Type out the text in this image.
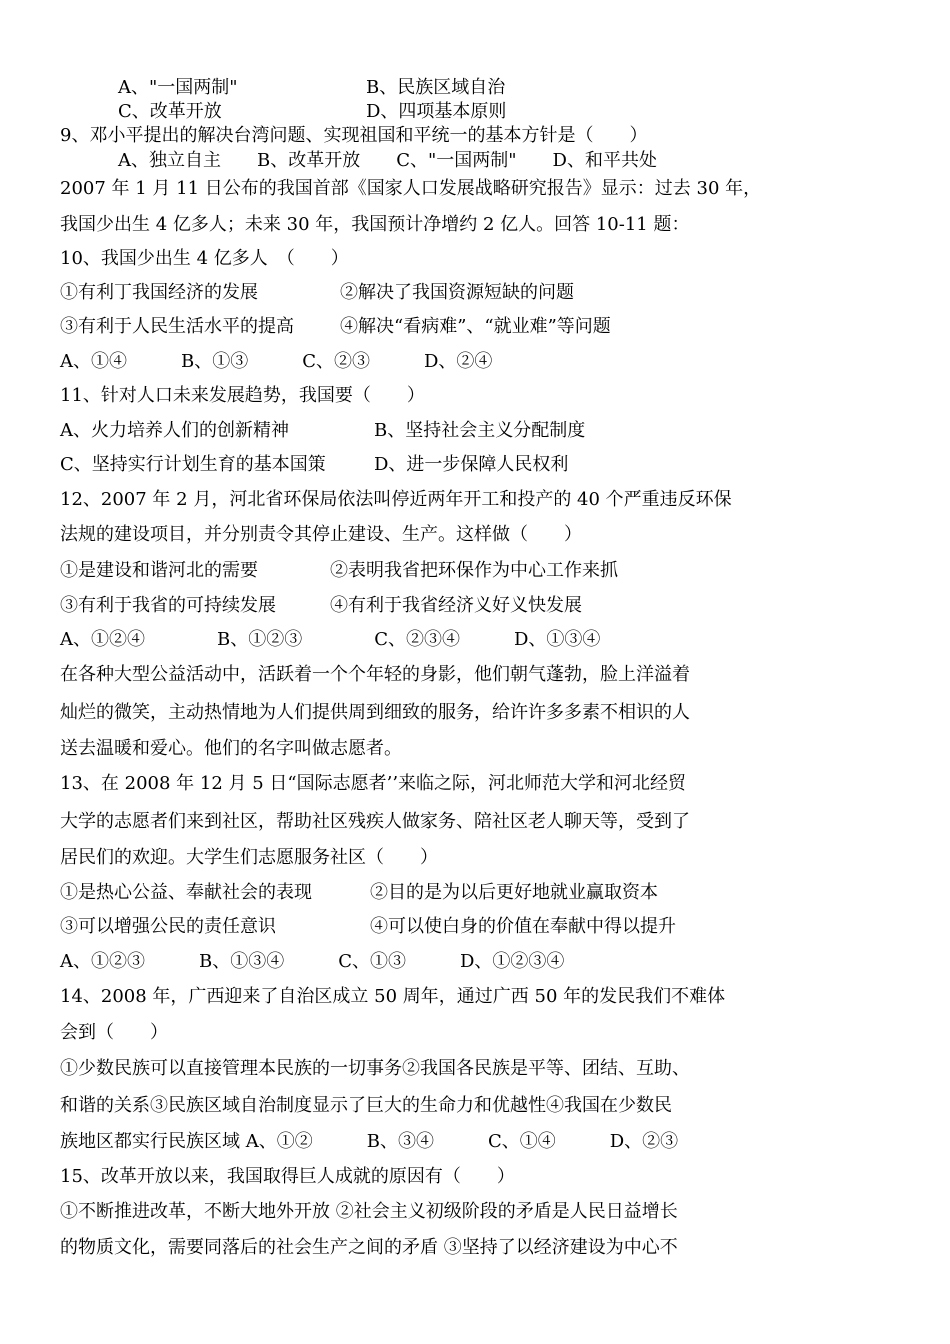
A、"一国两制"	B、民族区域自治
C、改革开放	D、四项基本原则
9、邓小平提出的解决台湾问题、实现祖国和平统一的基本方针是（　　）
A、独立自主　　B、改革开放　　C、"一国两制"　　D、和平共处
2007 年 1 月 11 日公布的我国首部《国家人口发展战略研究报告》显示：过去 30 年，
我国少出生 4 亿多人；未来 30 年，我国预计净增约 2 亿人。回答 10-11 题：
10、我国少出生 4 亿多人　（　　）
①有利丁我国经济的发展	②解决了我国资源短缺的问题
③有利于人民生活水平的提高	④解决“看病难”、“就业难”等问题
A、①④　　　B、①③　　　C、②③　　　D、②④
11、针对人口未来发展趋势，我国要（　　）
A、火力培养人们的创新精神	B、坚持社会主义分配制度
C、坚持实行计划生育的基本国策	D、进一步保障人民权利
12、2007 年 2 月，河北省环保局依法叫停近两年开工和投产的 40 个严重违反环保
法规的建设项目，并分别责令其停止建设、生产。这样做（　　）
①是建设和谐河北的需要	②表明我省把环保作为中心工作来抓
③有利于我省的可持续发展	④有利于我省经济义好义快发展
A、①②④　　　　B、①②③　　　　C、②③④　　　D、①③④
在各种大型公益活动中，活跃着一个个年轻的身影，他们朝气蓬勃，脸上洋溢着
灿烂的微笑，主动热情地为人们提供周到细致的服务，给许许多多素不相识的人
送去温暖和爱心。他们的名字叫做志愿者。
13、在 2008 年 12 月 5 日“国际志愿者’’来临之际，河北师范大学和河北经贸
大学的志愿者们来到社区，帮助社区残疾人做家务、陪社区老人聊天等，受到了
居民们的欢迎。大学生们志愿服务社区（　　）
①是热心公益、奉献社会的表现	②目的是为以后更好地就业赢取资本
③可以增强公民的责任意识	④可以使白身的价值在奉献中得以提升
A、①②③　　　B、①③④　　　C、①③　　　D、①②③④
14、2008 年，广西迎来了自治区成立 50 周年，通过广西 50 年的发民我们不难体
会到（　　）
①少数民族可以直接管理本民族的一切事务②我国各民族是平等、团结、互助、
和谐的关系③民族区域自治制度显示了巨大的生命力和优越性④我国在少数民
族地区都实行民族区域 A、①②　　　B、③④　　　C、①④　　　D、②③
15、改革开放以来，我国取得巨人成就的原因有（　　）
①不断推进改革，不断大地外开放 ②社会主义初级阶段的矛盾是人民日益增长
的物质文化，需要同落后的社会生产之间的矛盾 ③坚持了以经济建设为中心不
